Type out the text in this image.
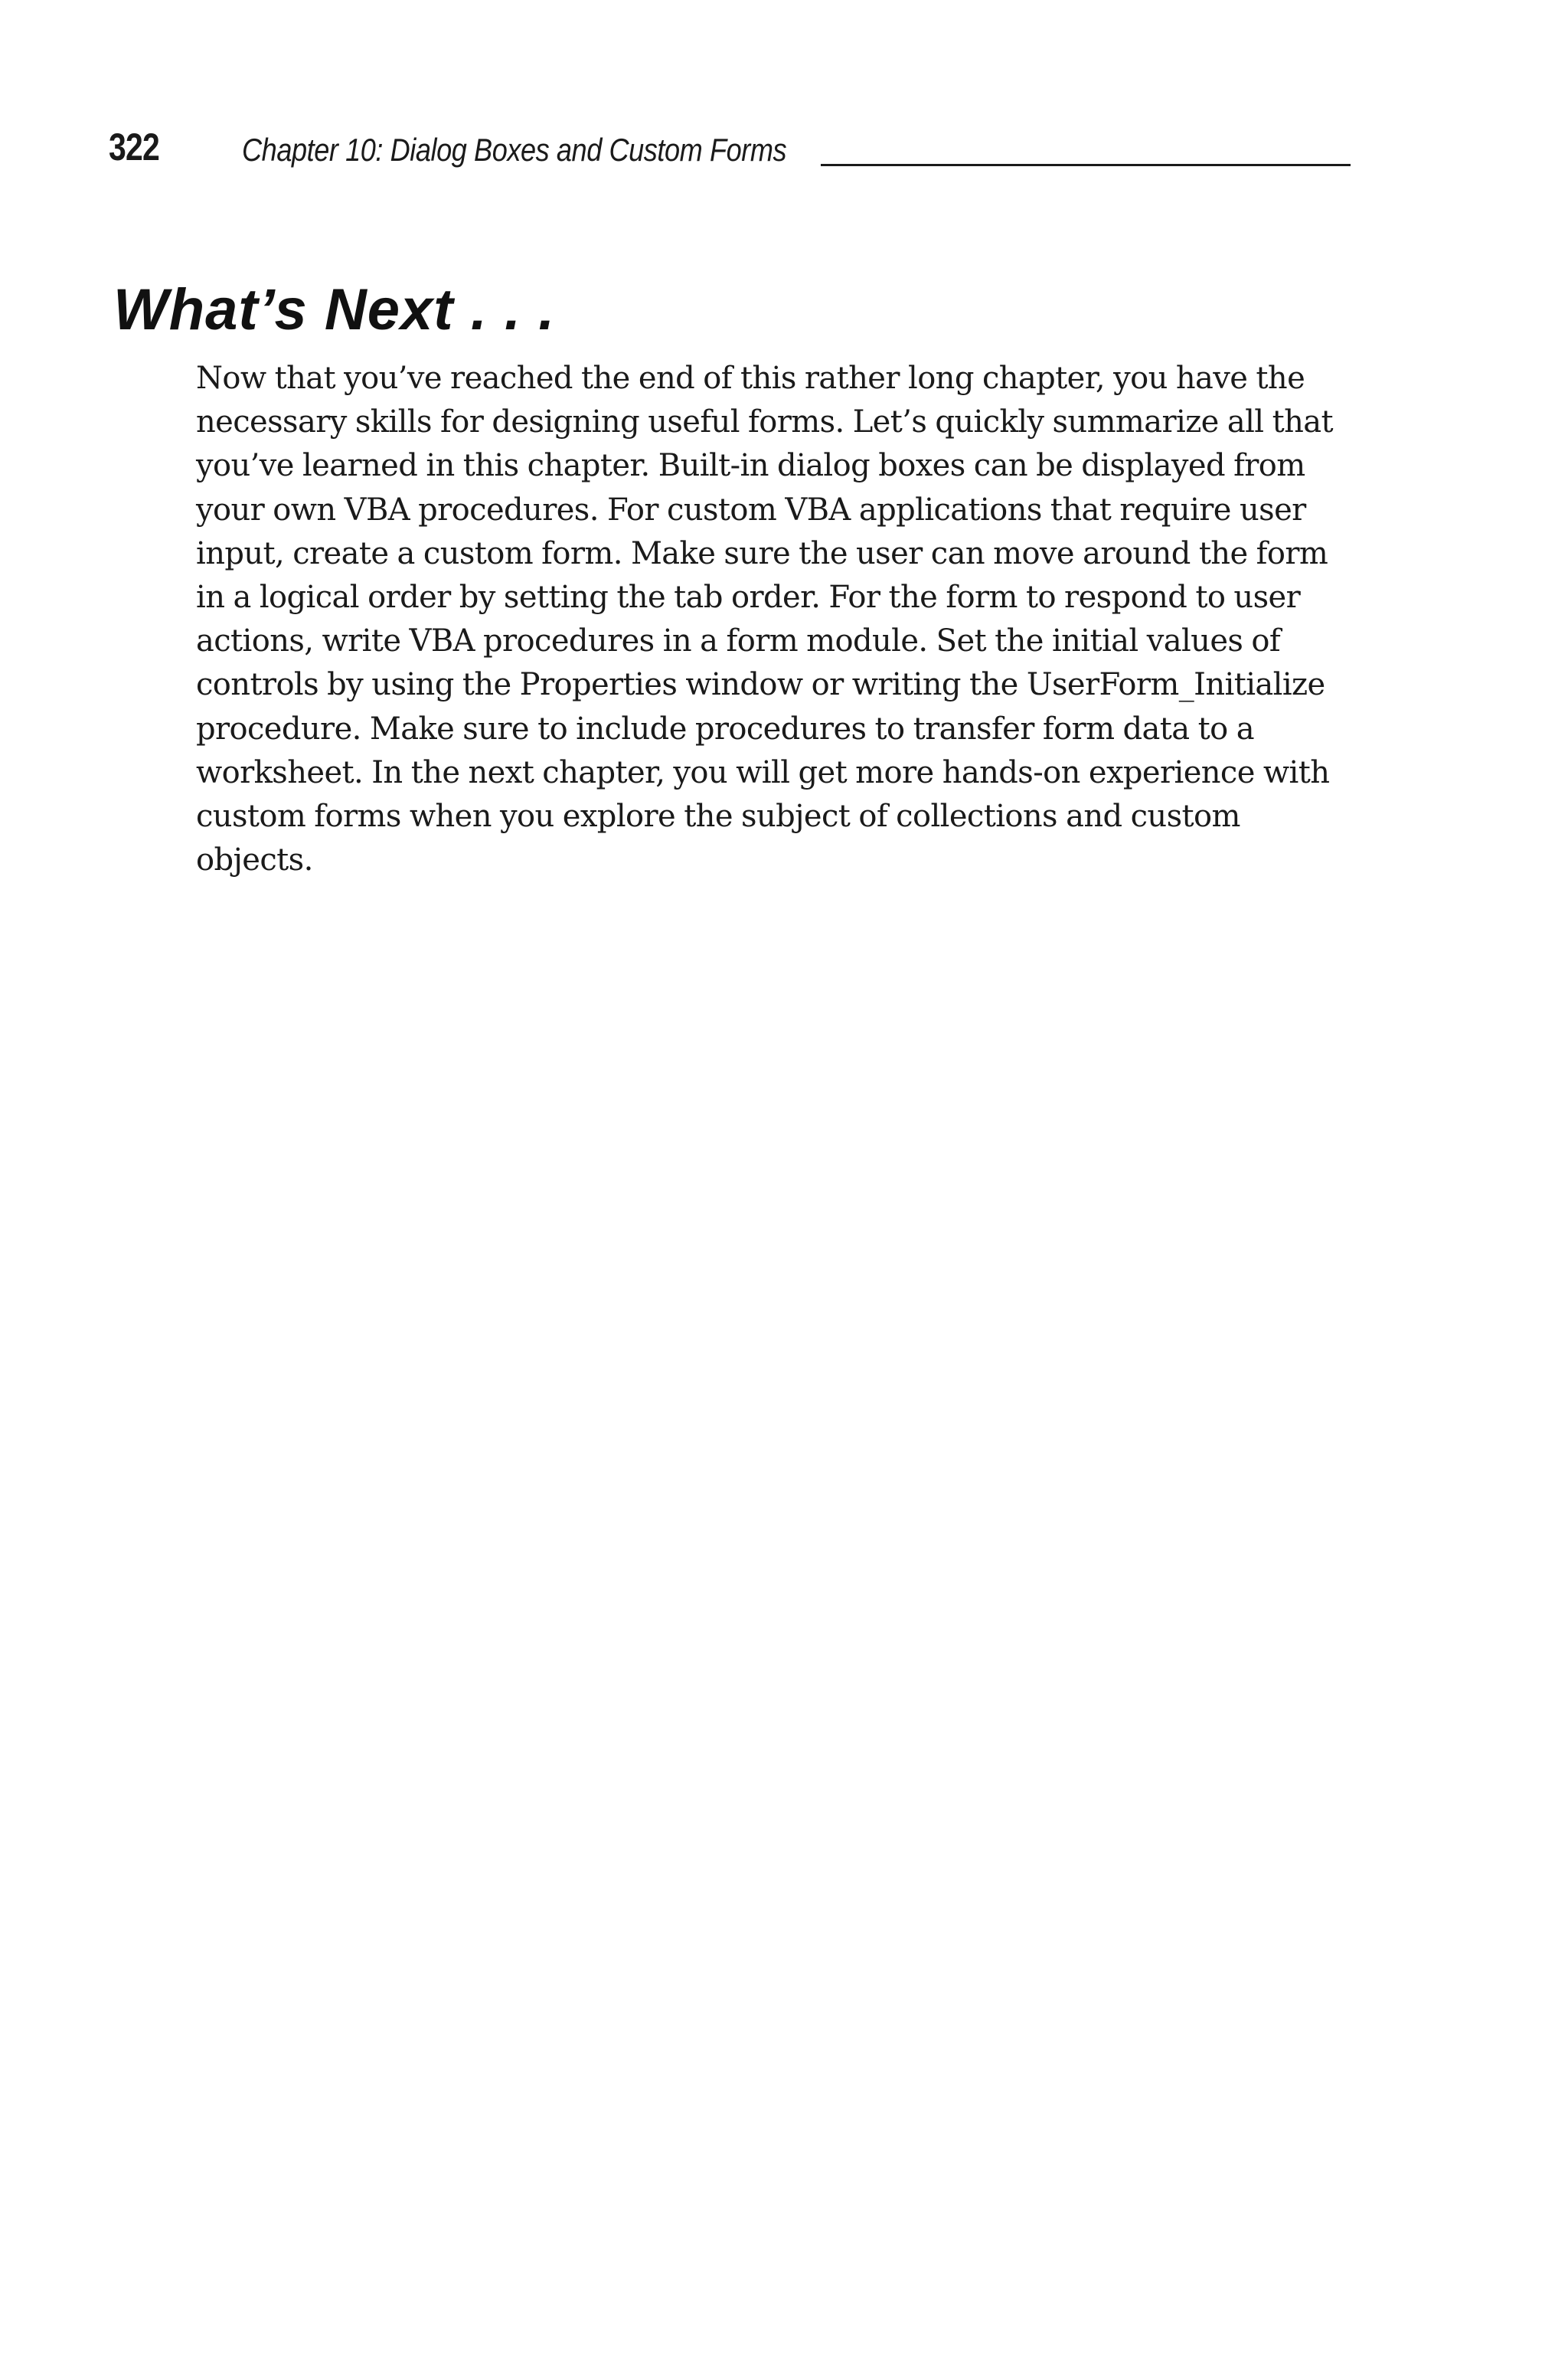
322	Chapter 10: Dialog Boxes and Custom Forms
What’s Next . . .

Now that you’ve reached the end of this rather long chapter, you have the
necessary skills for designing useful forms. Let’s quickly summarize all that
you’ve learned in this chapter. Built-in dialog boxes can be displayed from
your own VBA procedures. For custom VBA applications that require user
input, create a custom form. Make sure the user can move around the form
in a logical order by setting the tab order. For the form to respond to user
actions, write VBA procedures in a form module. Set the initial values of
controls by using the Properties window or writing the UserForm_Initialize
procedure. Make sure to include procedures to transfer form data to a
worksheet. In the next chapter, you will get more hands-on experience with
custom forms when you explore the subject of collections and custom
objects.
